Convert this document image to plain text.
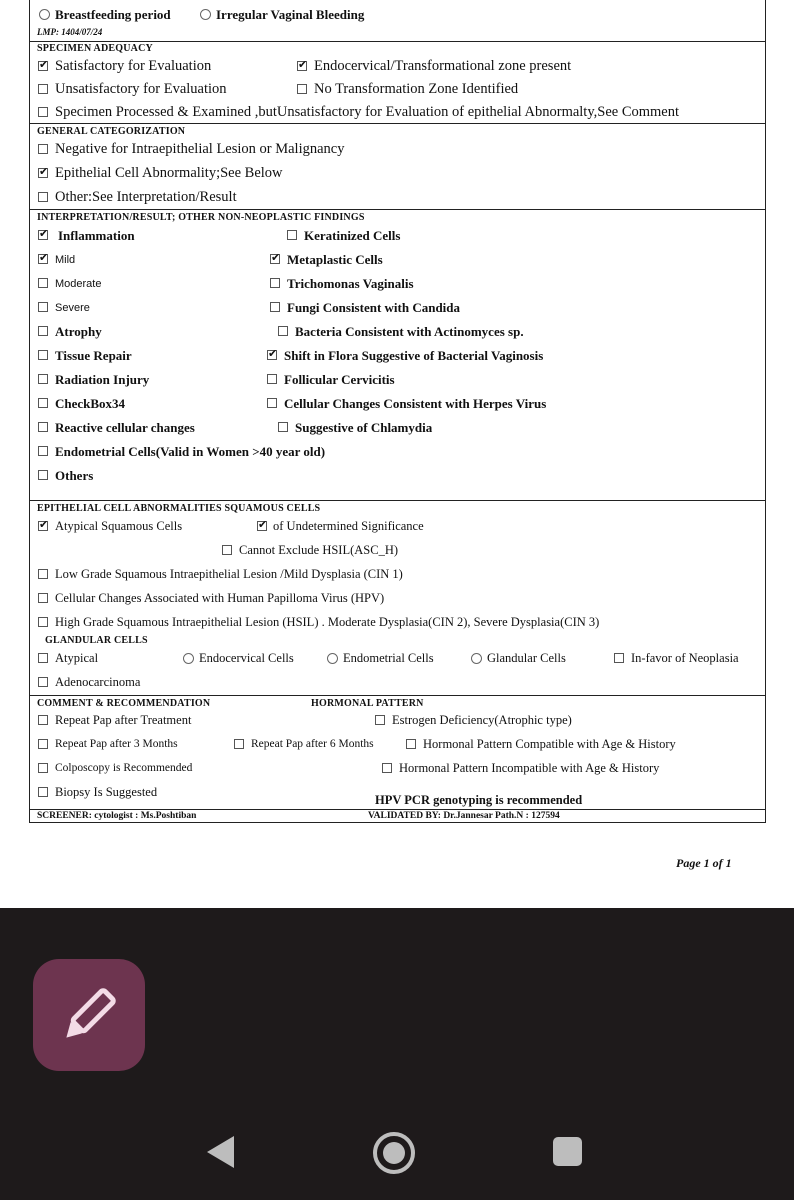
Breastfeeding period	Irregular Vaginal Bleeding
LMP: 1404/07/24
SPECIMEN ADEQUACY
✔
Satisfactory for Evaluation ✔	Endocervical/Transformational zone present
Unsatisfactory for Evaluation	No Transformation Zone Identified
Specimen Processed & Examined ,butUnsatisfactory for Evaluation of epithelial Abnormalty,See Comment
GENERAL CATEGORIZATION
Negative for Intraepithelial Lesion or Malignancy
✔
Epithelial Cell Abnormality;See Below
Other:See Interpretation/Result
INTERPRETATION/RESULT; OTHER NON-NEOPLASTIC FINDINGS
✔
Inflammation	Keratinized Cells
✔
Mild ✔	Metaplastic Cells
Moderate	Trichomonas Vaginalis
Severe	Fungi Consistent with Candida
Atrophy	Bacteria Consistent with Actinomyces sp.
Tissue Repair ✔	Shift in Flora Suggestive of Bacterial Vaginosis
Radiation Injury	Follicular Cervicitis
CheckBox34	Cellular Changes Consistent with Herpes Virus
Reactive cellular changes	Suggestive of Chlamydia
Endometrial Cells(Valid in Women >40 year old)
Others
EPITHELIAL CELL ABNORMALITIES SQUAMOUS CELLS
✔
Atypical Squamous Cells ✔	of Undetermined Significance
Cannot Exclude HSIL(ASC_H)
Low Grade Squamous Intraepithelial Lesion /Mild Dysplasia (CIN 1)
Cellular Changes Associated with Human Papilloma Virus (HPV)
High Grade Squamous Intraepithelial Lesion (HSIL) . Moderate Dysplasia(CIN 2), Severe Dysplasia(CIN 3)
GLANDULAR CELLS
Atypical	Endocervical Cells	Endometrial Cells	Glandular Cells	In-favor of Neoplasia
Adenocarcinoma
COMMENT & RECOMMENDATION	HORMONAL PATTERN
Repeat Pap after Treatment	Estrogen Deficiency(Atrophic type)
Repeat Pap after 3 Months	Repeat Pap after 6 Months	Hormonal Pattern Compatible with Age & History
Colposcopy is Recommended	Hormonal Pattern Incompatible with Age & History
Biopsy Is Suggested
HPV PCR genotyping is recommended
SCREENER: cytologist : Ms.Poshtiban	VALIDATED BY: Dr.Jannesar Path.N : 127594
Page 1 of 1
